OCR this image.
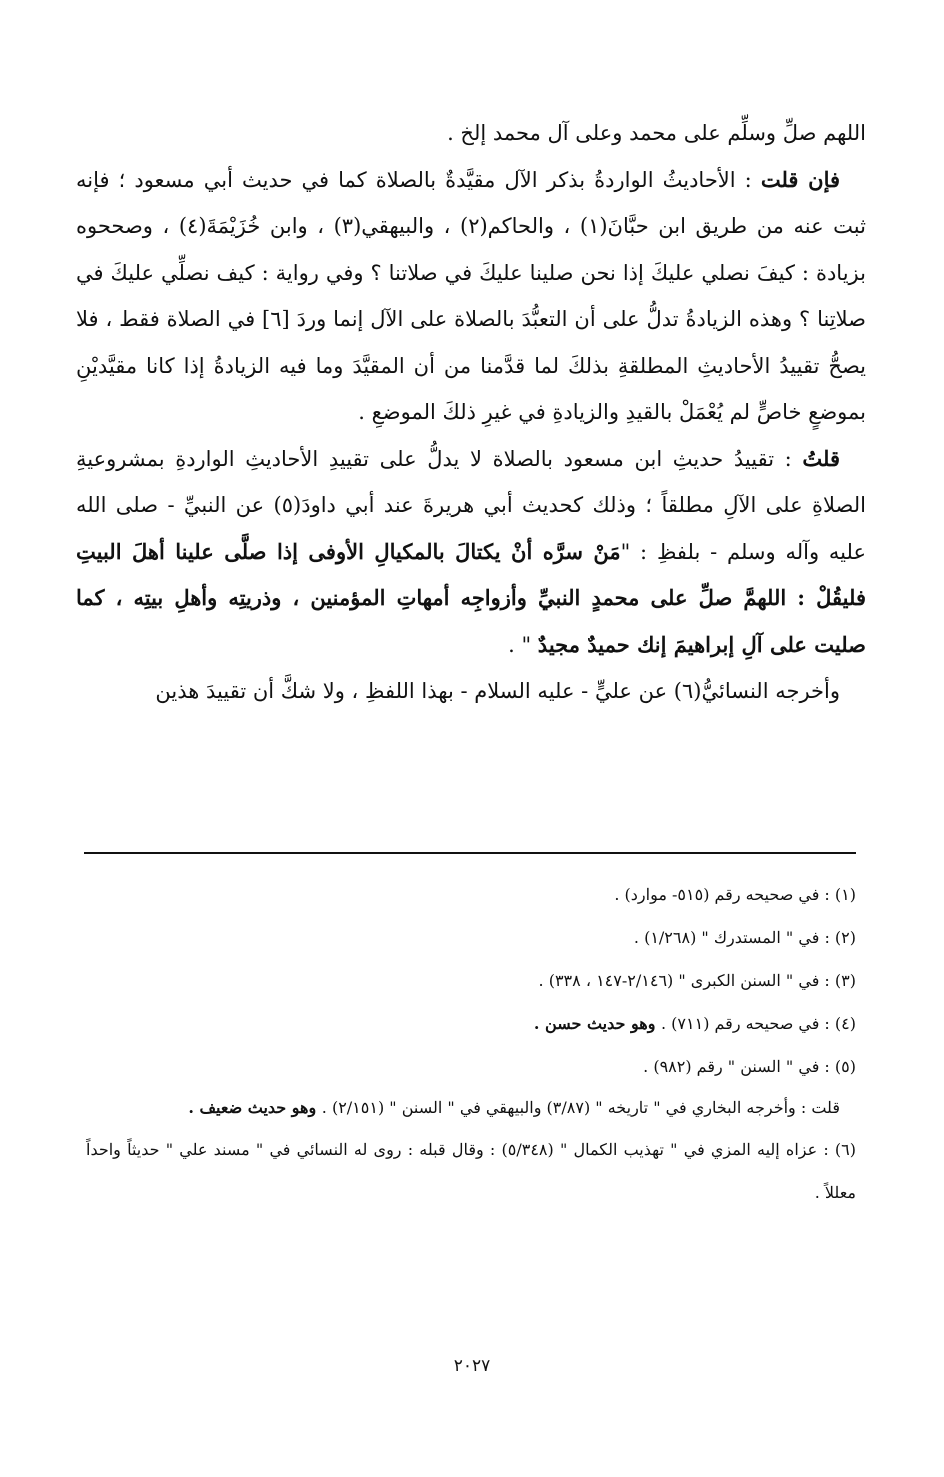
اللهم صلِّ وسلِّم على محمد وعلى آل محمد إلخ .

فإن قلت : الأحاديثُ الواردةُ بذكر الآل مقيَّدةٌ بالصلاة كما في حديث أبي مسعود ؛ فإنه ثبت عنه من طريق ابن حبَّانَ(١) ، والحاكم(٢) ، والبيهقي(٣) ، وابن خُزَيْمَةَ(٤) ، وصححوه بزيادة : كيفَ نصلي عليكَ إذا نحن صلينا عليكَ في صلاتنا ؟ وفي رواية : كيف نصلِّي عليكَ في صلاتِنا ؟ وهذه الزيادةُ تدلُّ على أن التعبُّدَ بالصلاة على الآل إنما وردَ [٦] في الصلاة فقط ، فلا يصحُّ تقييدُ الأحاديثِ المطلقةِ بذلكَ لما قدَّمنا من أن المقيَّدَ وما فيه الزيادةُ إذا كانا مقيَّديْنِ بموضعٍ خاصٍّ لم يُعْمَلْ بالقيدِ والزيادةِ في غيرِ ذلكَ الموضعِ .

قلتُ : تقييدُ حديثِ ابن مسعود بالصلاة لا يدلُّ على تقييدِ الأحاديثِ الواردةِ بمشروعيةِ الصلاةِ على الآلِ مطلقاً ؛ وذلك كحديث أبي هريرةَ عند أبي داودَ(٥) عن النبيِّ - صلى الله عليه وآله وسلم - بلفظِ : "مَنْ سرَّه أنْ يكتالَ بالمكيالِ الأوفى إذا صلَّى علينا أهلَ البيتِ فليقُلْ : اللهمَّ صلِّ على محمدٍ النبيِّ وأزواجِه أمهاتِ المؤمنين ، وذريتِه وأهلِ بيتِه ، كما صليت على آلِ إبراهيمَ إنك حميدٌ مجيدٌ " .

وأخرجه النسائيُّ(٦) عن عليٍّ - عليه السلام - بهذا اللفظِ ، ولا شكَّ أن تقييدَ هذين

(١) : في صحيحه رقم (٥١٥- موارد) .

(٢) : في " المستدرك " (١/٢٦٨) .

(٣) : في " السنن الكبرى " (٢/١٤٦-١٤٧ ، ٣٣٨) .

(٤) : في صحيحه رقم (٧١١) . وهو حديث حسن .

(٥) : في " السنن " رقم (٩٨٢) .

قلت : وأخرجه البخاري في " تاريخه " (٣/٨٧) والبيهقي في " السنن " (٢/١٥١) . وهو حديث ضعيف .

(٦) : عزاه إليه المزي في " تهذيب الكمال " (٥/٣٤٨) : وقال قبله : روى له النسائي في " مسند علي " حديثاً واحداً معللاً .

٢٠٢٧
